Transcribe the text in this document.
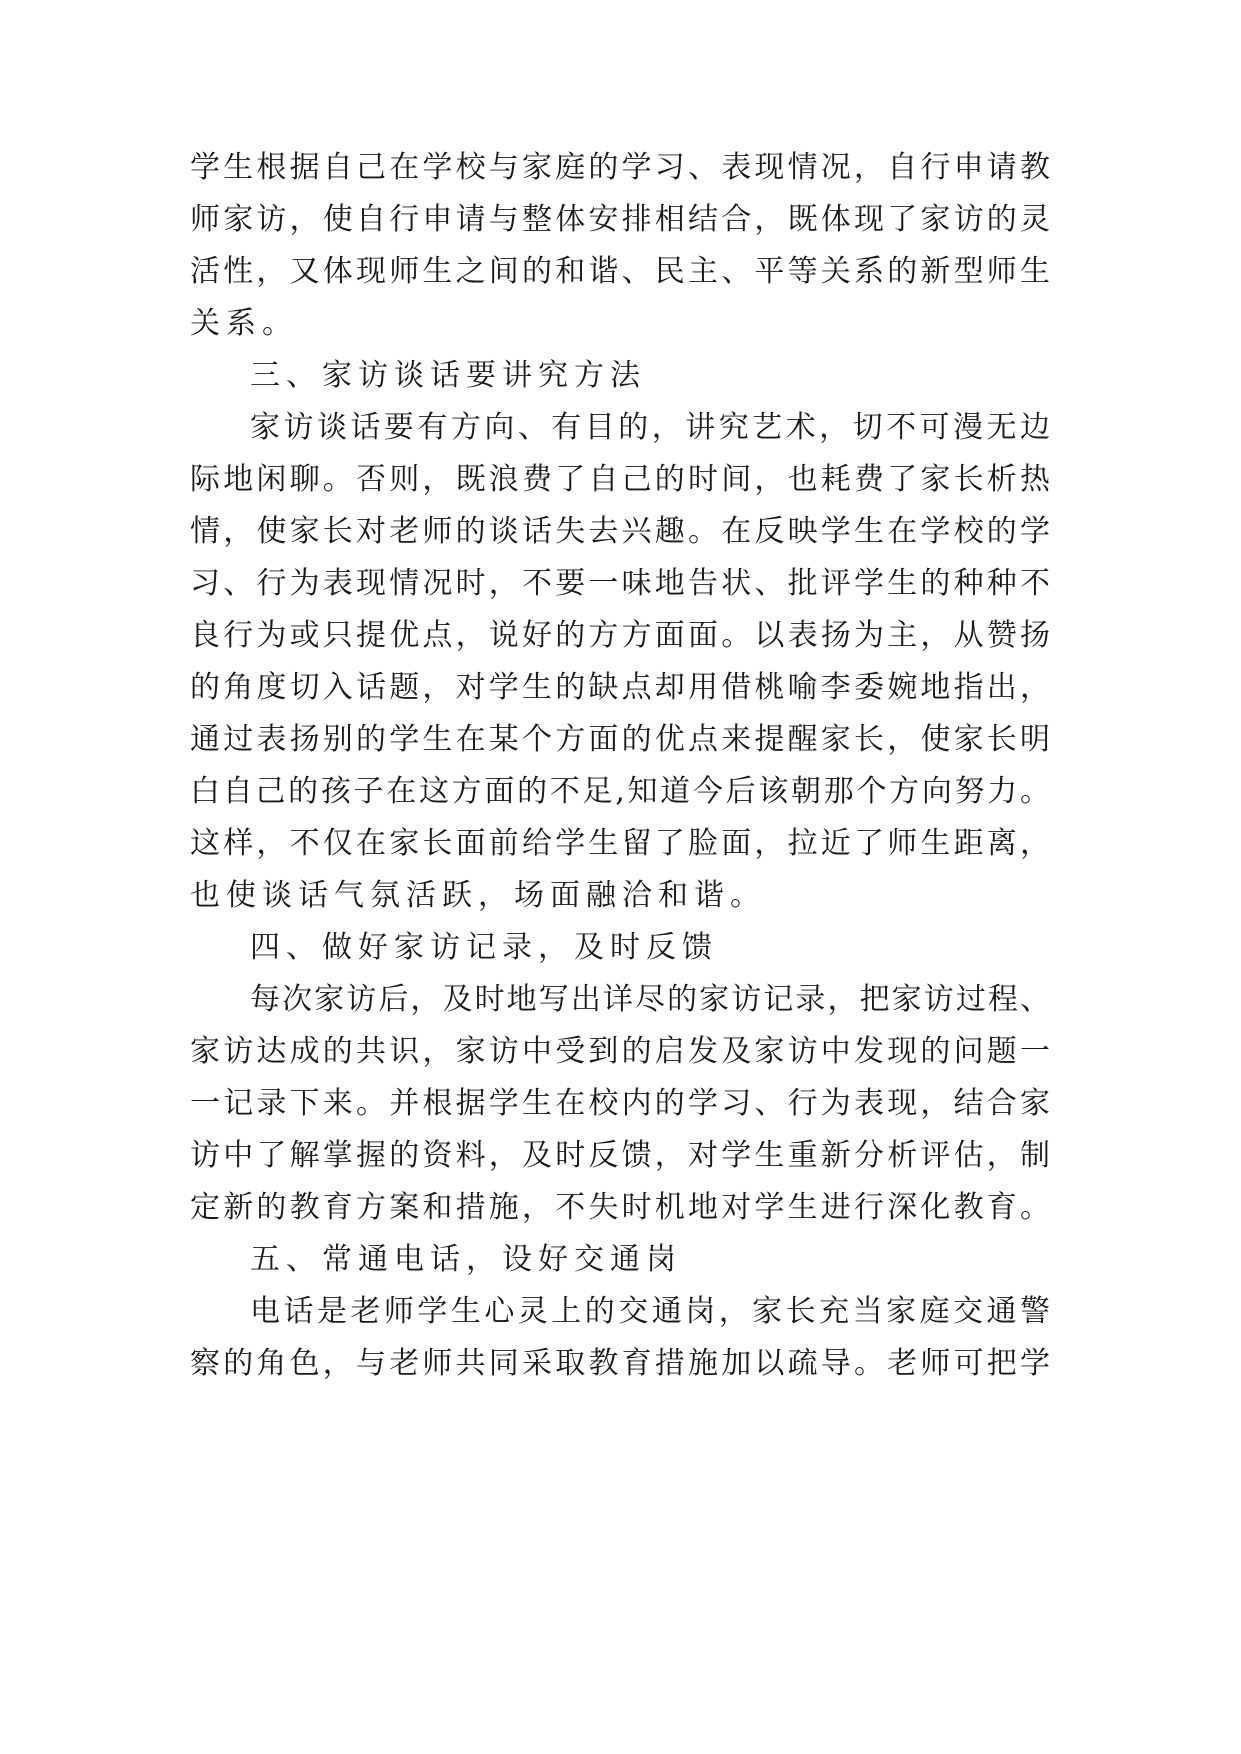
学生根据自己在学校与家庭的学习、表现情况，自行申请教
师家访，使自行申请与整体安排相结合，既体现了家访的灵
活性，又体现师生之间的和谐、民主、平等关系的新型师生
关系。
三、家访谈话要讲究方法
家访谈话要有方向、有目的，讲究艺术，切不可漫无边
际地闲聊。否则，既浪费了自己的时间，也耗费了家长析热
情，使家长对老师的谈话失去兴趣。在反映学生在学校的学
习、行为表现情况时，不要一味地告状、批评学生的种种不
良行为或只提优点，说好的方方面面。以表扬为主，从赞扬
的角度切入话题，对学生的缺点却用借桃喻李委婉地指出，
通过表扬别的学生在某个方面的优点来提醒家长，使家长明
白自己的孩子在这方面的不足,知道今后该朝那个方向努力。
这样，不仅在家长面前给学生留了脸面，拉近了师生距离，
也使谈话气氛活跃，场面融洽和谐。
四、做好家访记录，及时反馈
每次家访后，及时地写出详尽的家访记录，把家访过程、
家访达成的共识，家访中受到的启发及家访中发现的问题一
一记录下来。并根据学生在校内的学习、行为表现，结合家
访中了解掌握的资料，及时反馈，对学生重新分析评估，制
定新的教育方案和措施，不失时机地对学生进行深化教育。
五、常通电话，设好交通岗
电话是老师学生心灵上的交通岗，家长充当家庭交通警
察的角色，与老师共同采取教育措施加以疏导。老师可把学
